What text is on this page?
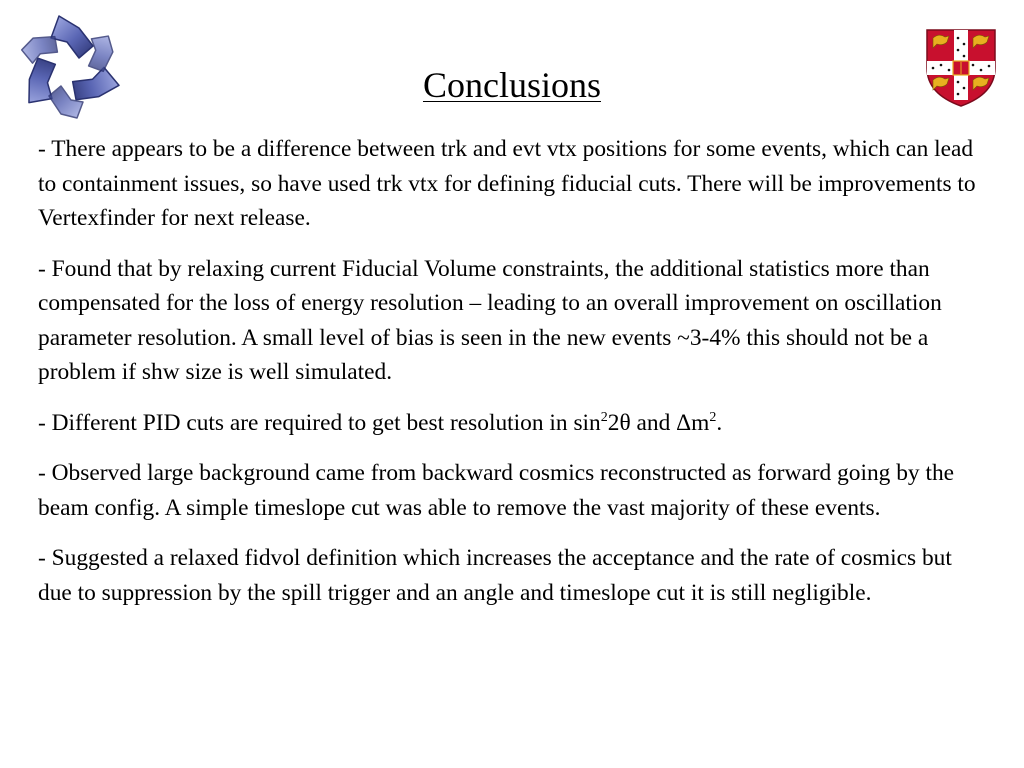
Conclusions

- There appears to be a difference between trk and evt vtx positions for some events, which can lead to containment issues, so have used trk vtx for defining fiducial cuts. There will be improvements to Vertexfinder for next release.

- Found that by relaxing current Fiducial Volume constraints, the additional statistics more than compensated for the loss of energy resolution – leading to an overall improvement on oscillation parameter resolution. A small level of bias is seen in the new events ~3-4% this should not be a problem if shw size is well simulated.

- Different PID cuts are required to get best resolution in $\sin^22\theta$ and $\Delta m^2$.

- Observed large background came from backward cosmics reconstructed as forward going by the beam config. A simple timeslope cut was able to remove the vast majority of these events.

- Suggested a relaxed fidvol definition which increases the acceptance and the rate of cosmics but due to suppression by the spill trigger and an angle and timeslope cut it is still negligible.
